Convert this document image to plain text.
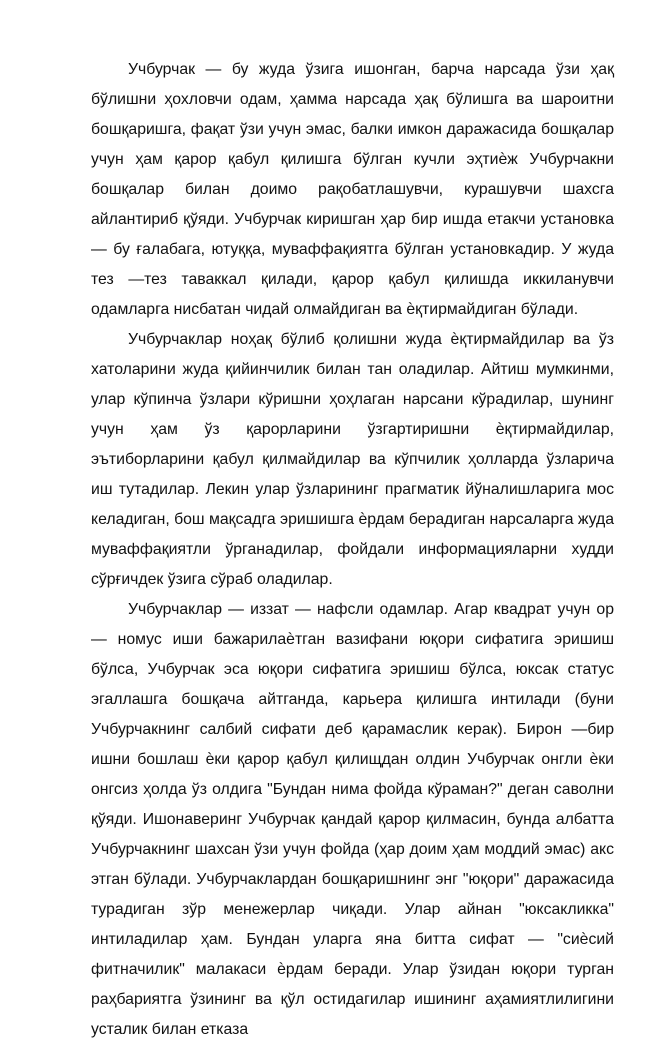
Учбурчак — бу жуда ўзига ишонган, барча нарсада ўзи ҳақ бўлишни ҳохловчи одам, ҳамма нарсада ҳақ бўлишга ва шароитни бошқаришга, фақат ўзи учун эмас, балки имкон даражасида бошқалар учун ҳам қарор қабул қилишга бўлган кучли эҳтиѐж Учбурчакни бошқалар билан доимо рақобатлашувчи, курашувчи шахсга айлантириб қўяди. Учбурчак киришган ҳар бир ишда етакчи установка — бу ғалабага, ютуққа, муваффақиятга бўлган установкадир. У жуда тез —тез таваккал қилади, қарор қабул қилишда иккиланувчи одамларга нисбатан чидай олмайдиган ва ѐқтирмайдиган бўлади.

Учбурчаклар ноҳақ бўлиб қолишни жуда ѐқтирмайдилар ва ўз хатоларини жуда қийинчилик билан тан оладилар. Айтиш мумкинми, улар кўпинча ўзлари кўришни ҳоҳлаган нарсани кўрадилар, шунинг учун ҳам ўз қарорларини ўзгартиришни ѐқтирмайдилар, эътиборларини қабул қилмайдилар ва кўпчилик ҳолларда ўзларича иш тутадилар. Лекин улар ўзларининг прагматик йўналишларига мос келадиган, бош мақсадга эришишга ѐрдам берадиган нарсаларга жуда муваффақиятли ўрганадилар, фойдали информацияларни худди сўрғичдек ўзига сўраб оладилар.

Учбурчаклар — иззат — нафсли одамлар. Агар квадрат учун ор — номус иши бажарилаѐтган вазифани юқори сифатига эришиш бўлса, Учбурчак эса юқори сифатига эришиш бўлса, юксак статус эгаллашга бошқача айтганда, карьера қилишга интилади (буни Учбурчакнинг салбий сифати деб қарамаслик керак). Бирон —бир ишни бошлаш ѐки қарор қабул қилищдан олдин Учбурчак онгли ѐки онгсиз ҳолда ўз олдига "Бундан нима фойда кўраман?" деган саволни қўяди. Ишонаверинг Учбурчак қандай қарор қилмасин, бунда албатта Учбурчакнинг шахсан ўзи учун фойда (ҳар доим ҳам моддий эмас) акс этган бўлади. Учбурчаклардан бошқаришнинг энг "юқори" даражасида турадиган зўр менежерлар чиқади. Улар айнан "юксакликка" интиладилар ҳам. Бундан уларга яна битта сифат — "сиѐсий фитначилик" малакаси ѐрдам беради. Улар ўзидан юқори турган раҳбариятга ўзининг ва қўл остидагилар ишининг аҳамиятлилигини усталик билан етказа
